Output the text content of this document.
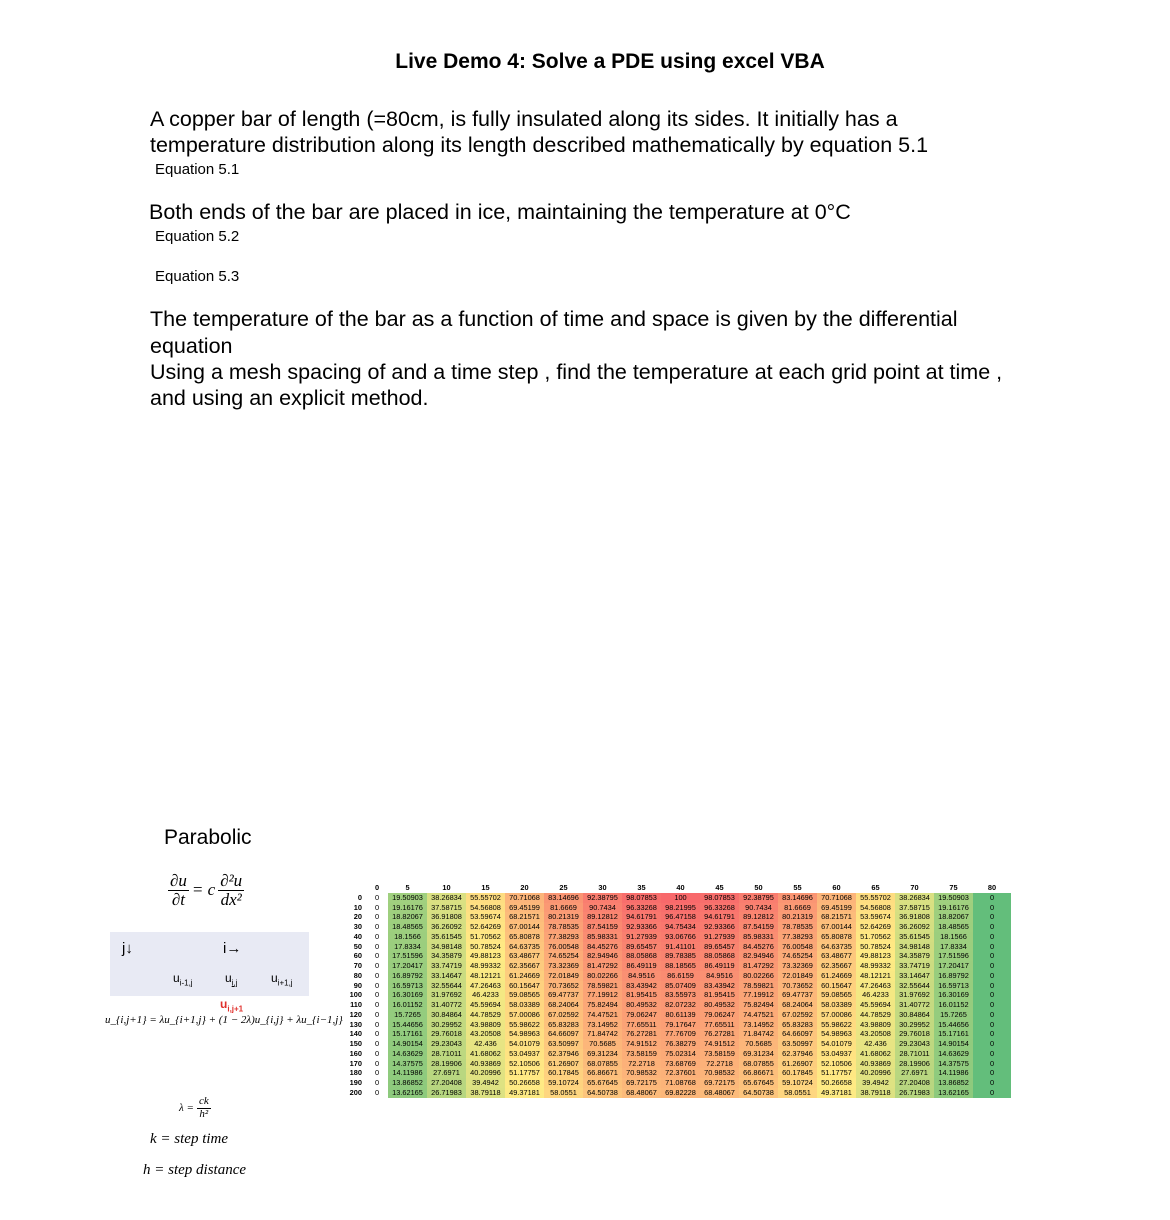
Live Demo 4: Solve a PDE using excel VBA
A copper bar of length (=80cm, is fully insulated along its sides. It initially has a
temperature distribution along its length described mathematically by equation 5.1
Equation 5.1
Both ends of the bar are placed in ice, maintaining the temperature at 0°C
Equation 5.2
Equation 5.3
The temperature of the bar as a function of time and space is given by the differential
equation
Using a mesh spacing of and a time step , find the temperature at each grid point at time ,
and using an explicit method.
Parabolic
$\frac{\partial u}{\partial t} = c \frac{\text{∂²u}}{\text{dx²}}$
j↓	i→
$u_{i-1,j}$	$u_{i,j}$	$u_{i+1,j}$
$u_{i,j+1}$
u_{i,j+1} = λu_{i+1,j} + (1 − 2λ)u_{i,j} + λu_{i−1,j}
$\lambda = \frac{ck}{\text{h²}}$
k = step time
h = step distance
	0	5	10	15	20	25	30	35	40	45	50	55	60	65	70	75	80
0	0	19.50903	38.26834	55.55702	70.71068	83.14696	92.38795	98.07853	100	98.07853	92.38795	83.14696	70.71068	55.55702	38.26834	19.50903	0
10	0	19.16176	37.58715	54.56808	69.45199	81.6669	90.7434	96.33268	98.21995	96.33268	90.7434	81.6669	69.45199	54.56808	37.58715	19.16176	0
20	0	18.82067	36.91808	53.59674	68.21571	80.21319	89.12812	94.61791	96.47158	94.61791	89.12812	80.21319	68.21571	53.59674	36.91808	18.82067	0
30	0	18.48565	36.26092	52.64269	67.00144	78.78535	87.54159	92.93366	94.75434	92.93366	87.54159	78.78535	67.00144	52.64269	36.26092	18.48565	0
40	0	18.1566	35.61545	51.70562	65.80878	77.38293	85.98331	91.27939	93.06766	91.27939	85.98331	77.38293	65.80878	51.70562	35.61545	18.1566	0
50	0	17.8334	34.98148	50.78524	64.63735	76.00548	84.45276	89.65457	91.41101	89.65457	84.45276	76.00548	64.63735	50.78524	34.98148	17.8334	0
60	0	17.51596	34.35879	49.88123	63.48677	74.65254	82.94946	88.05868	89.78385	88.05868	82.94946	74.65254	63.48677	49.88123	34.35879	17.51596	0
70	0	17.20417	33.74719	48.99332	62.35667	73.32369	81.47292	86.49119	88.18565	86.49119	81.47292	73.32369	62.35667	48.99332	33.74719	17.20417	0
80	0	16.89792	33.14647	48.12121	61.24669	72.01849	80.02266	84.9516	86.6159	84.9516	80.02266	72.01849	61.24669	48.12121	33.14647	16.89792	0
90	0	16.59713	32.55644	47.26463	60.15647	70.73652	78.59821	83.43942	85.07409	83.43942	78.59821	70.73652	60.15647	47.26463	32.55644	16.59713	0
100	0	16.30169	31.97692	46.4233	59.08565	69.47737	77.19912	81.95415	83.55973	81.95415	77.19912	69.47737	59.08565	46.4233	31.97692	16.30169	0
110	0	16.01152	31.40772	45.59694	58.03389	68.24064	75.82494	80.49532	82.07232	80.49532	75.82494	68.24064	58.03389	45.59694	31.40772	16.01152	0
120	0	15.7265	30.84864	44.78529	57.00086	67.02592	74.47521	79.06247	80.61139	79.06247	74.47521	67.02592	57.00086	44.78529	30.84864	15.7265	0
130	0	15.44656	30.29952	43.98809	55.98622	65.83283	73.14952	77.65511	79.17647	77.65511	73.14952	65.83283	55.98622	43.98809	30.29952	15.44656	0
140	0	15.17161	29.76018	43.20508	54.98963	64.66097	71.84742	76.27281	77.76709	76.27281	71.84742	64.66097	54.98963	43.20508	29.76018	15.17161	0
150	0	14.90154	29.23043	42.436	54.01079	63.50997	70.5685	74.91512	76.38279	74.91512	70.5685	63.50997	54.01079	42.436	29.23043	14.90154	0
160	0	14.63629	28.71011	41.68062	53.04937	62.37946	69.31234	73.58159	75.02314	73.58159	69.31234	62.37946	53.04937	41.68062	28.71011	14.63629	0
170	0	14.37575	28.19906	40.93869	52.10506	61.26907	68.07855	72.2718	73.68769	72.2718	68.07855	61.26907	52.10506	40.93869	28.19906	14.37575	0
180	0	14.11986	27.6971	40.20996	51.17757	60.17845	66.86671	70.98532	72.37601	70.98532	66.86671	60.17845	51.17757	40.20996	27.6971	14.11986	0
190	0	13.86852	27.20408	39.4942	50.26658	59.10724	65.67645	69.72175	71.08768	69.72175	65.67645	59.10724	50.26658	39.4942	27.20408	13.86852	0
200	0	13.62165	26.71983	38.79118	49.37181	58.0551	64.50738	68.48067	69.82228	68.48067	64.50738	58.0551	49.37181	38.79118	26.71983	13.62165	0
